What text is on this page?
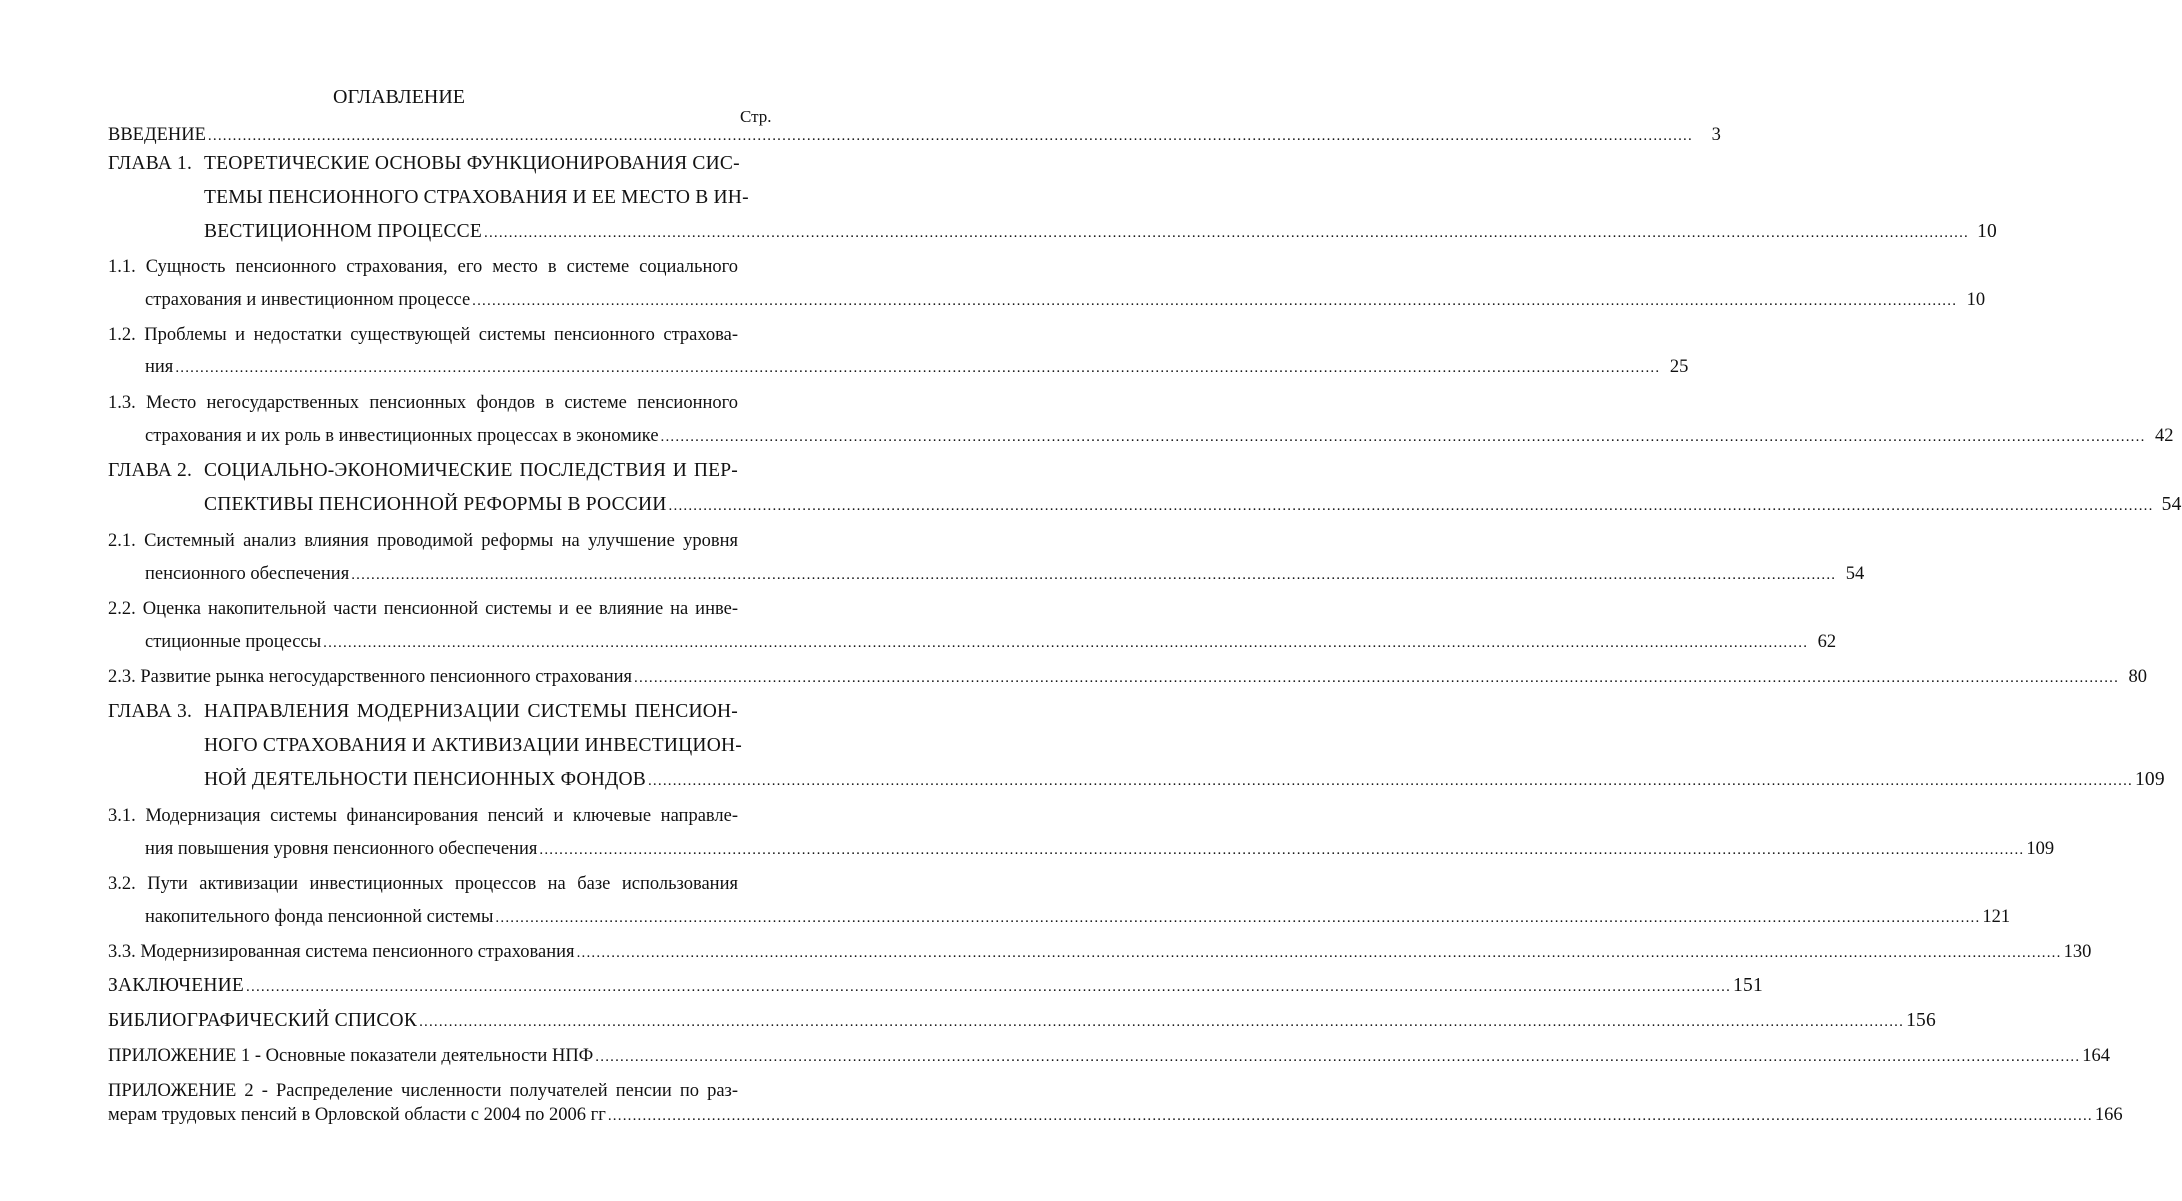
ОГЛАВЛЕНИЕ
Стр.
ВВЕДЕНИЕ ............................................................................................................................................................................................................................................................................................................	3
ГЛАВА 1. ТЕОРЕТИЧЕСКИЕ ОСНОВЫ ФУНКЦИОНИРОВАНИЯ СИС-
ТЕМЫ ПЕНСИОННОГО СТРАХОВАНИЯ И ЕЕ МЕСТО В ИН-
ВЕСТИЦИОННОМ ПРОЦЕССЕ ............................................................................................................................................................................................................................................................................................................ 10
1.1. Сущность пенсионного страхования, его место в системе социального
страхования и инвестиционном процессе ............................................................................................................................................................................................................................................................................................................ 10
1.2. Проблемы и недостатки существующей системы пенсионного страхова-
ния ............................................................................................................................................................................................................................................................................................................ 25
1.3. Место негосударственных пенсионных фондов в системе пенсионного
страхования и их роль в инвестиционных процессах в экономике ............................................................................................................................................................................................................................................................................................................ 42
ГЛАВА 2. СОЦИАЛЬНО-ЭКОНОМИЧЕСКИЕ ПОСЛЕДСТВИЯ И ПЕР-
СПЕКТИВЫ ПЕНСИОННОЙ РЕФОРМЫ В РОССИИ ............................................................................................................................................................................................................................................................................................................ 54
2.1. Системный анализ влияния проводимой реформы на улучшение уровня
пенсионного обеспечения ............................................................................................................................................................................................................................................................................................................ 54
2.2. Оценка накопительной части пенсионной системы и ее влияние на инве-
стиционные процессы ............................................................................................................................................................................................................................................................................................................ 62
2.3. Развитие рынка негосударственного пенсионного страхования ............................................................................................................................................................................................................................................................................................................ 80
ГЛАВА 3. НАПРАВЛЕНИЯ МОДЕРНИЗАЦИИ СИСТЕМЫ ПЕНСИОН-
НОГО СТРАХОВАНИЯ И АКТИВИЗАЦИИ ИНВЕСТИЦИОН-
НОЙ ДЕЯТЕЛЬНОСТИ ПЕНСИОННЫХ ФОНДОВ ............................................................................................................................................................................................................................................................................................................ 109
3.1. Модернизация системы финансирования пенсий и ключевые направле-
ния повышения уровня пенсионного обеспечения ............................................................................................................................................................................................................................................................................................................ 109
3.2. Пути активизации инвестиционных процессов на базе использования
накопительного фонда пенсионной системы ............................................................................................................................................................................................................................................................................................................ 121
3.3. Модернизированная система пенсионного страхования ............................................................................................................................................................................................................................................................................................................ 130
ЗАКЛЮЧЕНИЕ ............................................................................................................................................................................................................................................................................................................ 151
БИБЛИОГРАФИЧЕСКИЙ СПИСОК ............................................................................................................................................................................................................................................................................................................ 156
ПРИЛОЖЕНИЕ 1 - Основные показатели деятельности НПФ ............................................................................................................................................................................................................................................................................................................ 164
ПРИЛОЖЕНИЕ 2 - Распределение численности получателей пенсии по раз-
мерам трудовых пенсий в Орловской области с 2004 по 2006 гг ............................................................................................................................................................................................................................................................................................................ 166
